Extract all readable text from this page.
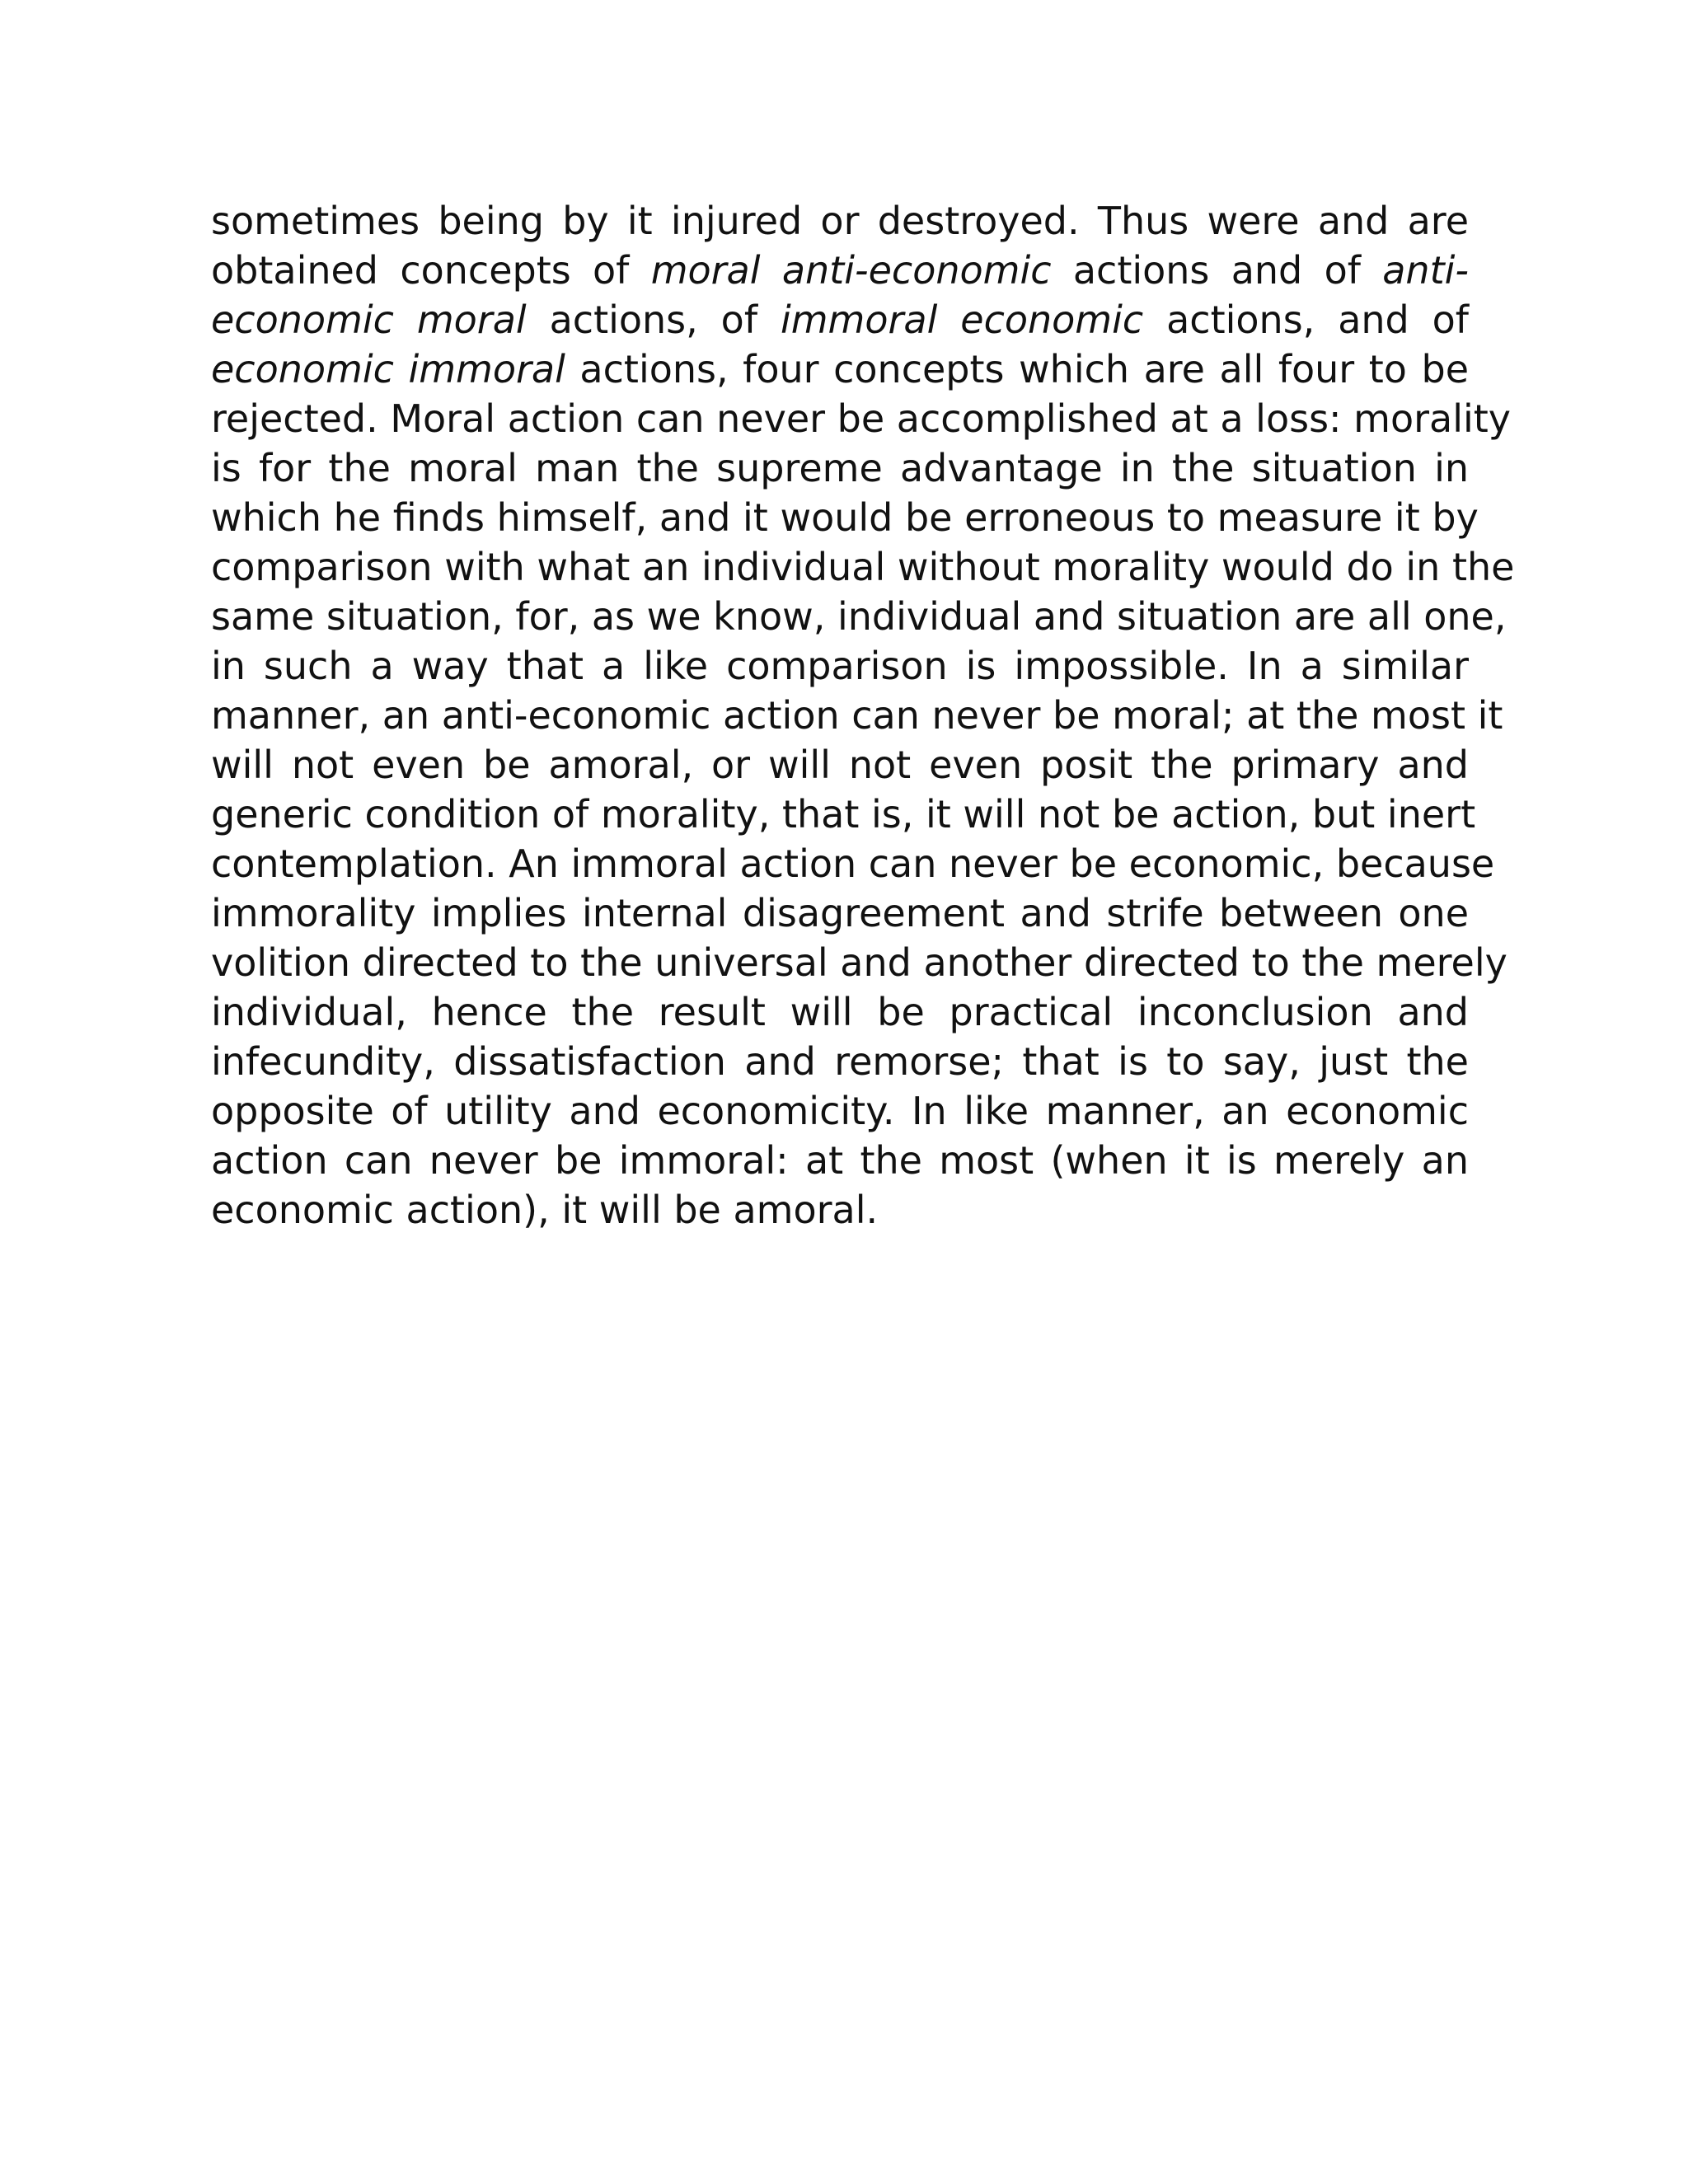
sometimes being by it injured or destroyed. Thus were and are
obtained concepts of moral anti-economic actions and of anti-
economic moral actions, of immoral economic actions, and of
economic immoral actions, four concepts which are all four to be
rejected. Moral action can never be accomplished at a loss: morality
is for the moral man the supreme advantage in the situation in
which he finds himself, and it would be erroneous to measure it by
comparison with what an individual without morality would do in the
same situation, for, as we know, individual and situation are all one,
in such a way that a like comparison is impossible. In a similar
manner, an anti-economic action can never be moral; at the most it
will not even be amoral, or will not even posit the primary and
generic condition of morality, that is, it will not be action, but inert
contemplation. An immoral action can never be economic, because
immorality implies internal disagreement and strife between one
volition directed to the universal and another directed to the merely
individual, hence the result will be practical inconclusion and
infecundity, dissatisfaction and remorse; that is to say, just the
opposite of utility and economicity. In like manner, an economic
action can never be immoral: at the most (when it is merely an
economic action), it will be amoral.
